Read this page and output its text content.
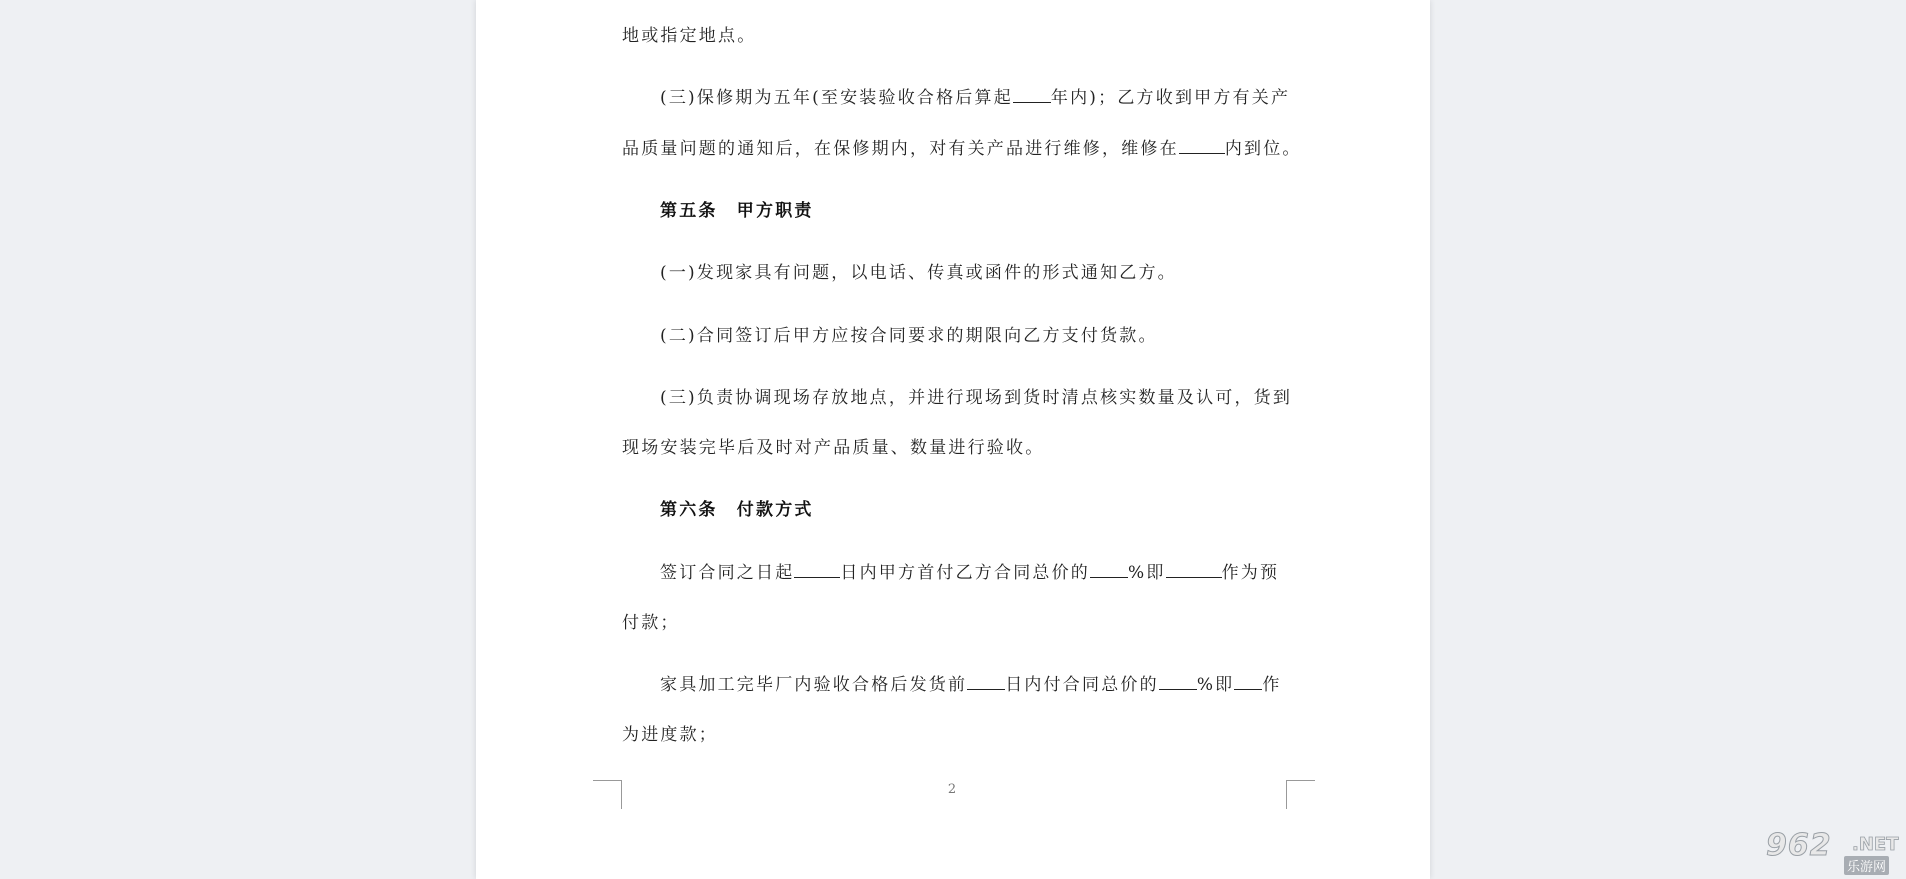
地或指定地点。
(三)保修期为五年(至安装验收合格后算起 年内)；乙方收到甲方有关产
品质量问题的通知后，在保修期内，对有关产品进行维修，维修在	内到位。
第五条　甲方职责
(一)发现家具有问题，以电话、传真或函件的形式通知乙方。
(二)合同签订后甲方应按合同要求的期限向乙方支付货款。
(三)负责协调现场存放地点，并进行现场到货时清点核实数量及认可，货到
现场安装完毕后及时对产品质量、数量进行验收。
第六条　付款方式
签订合同之日起	日内甲方首付乙方合同总价的 %即	作为预
付款；
家具加工完毕厂内验收合格后发货前 日内付合同总价的 %即 作
为进度款；
2
962 .NET
乐游网
